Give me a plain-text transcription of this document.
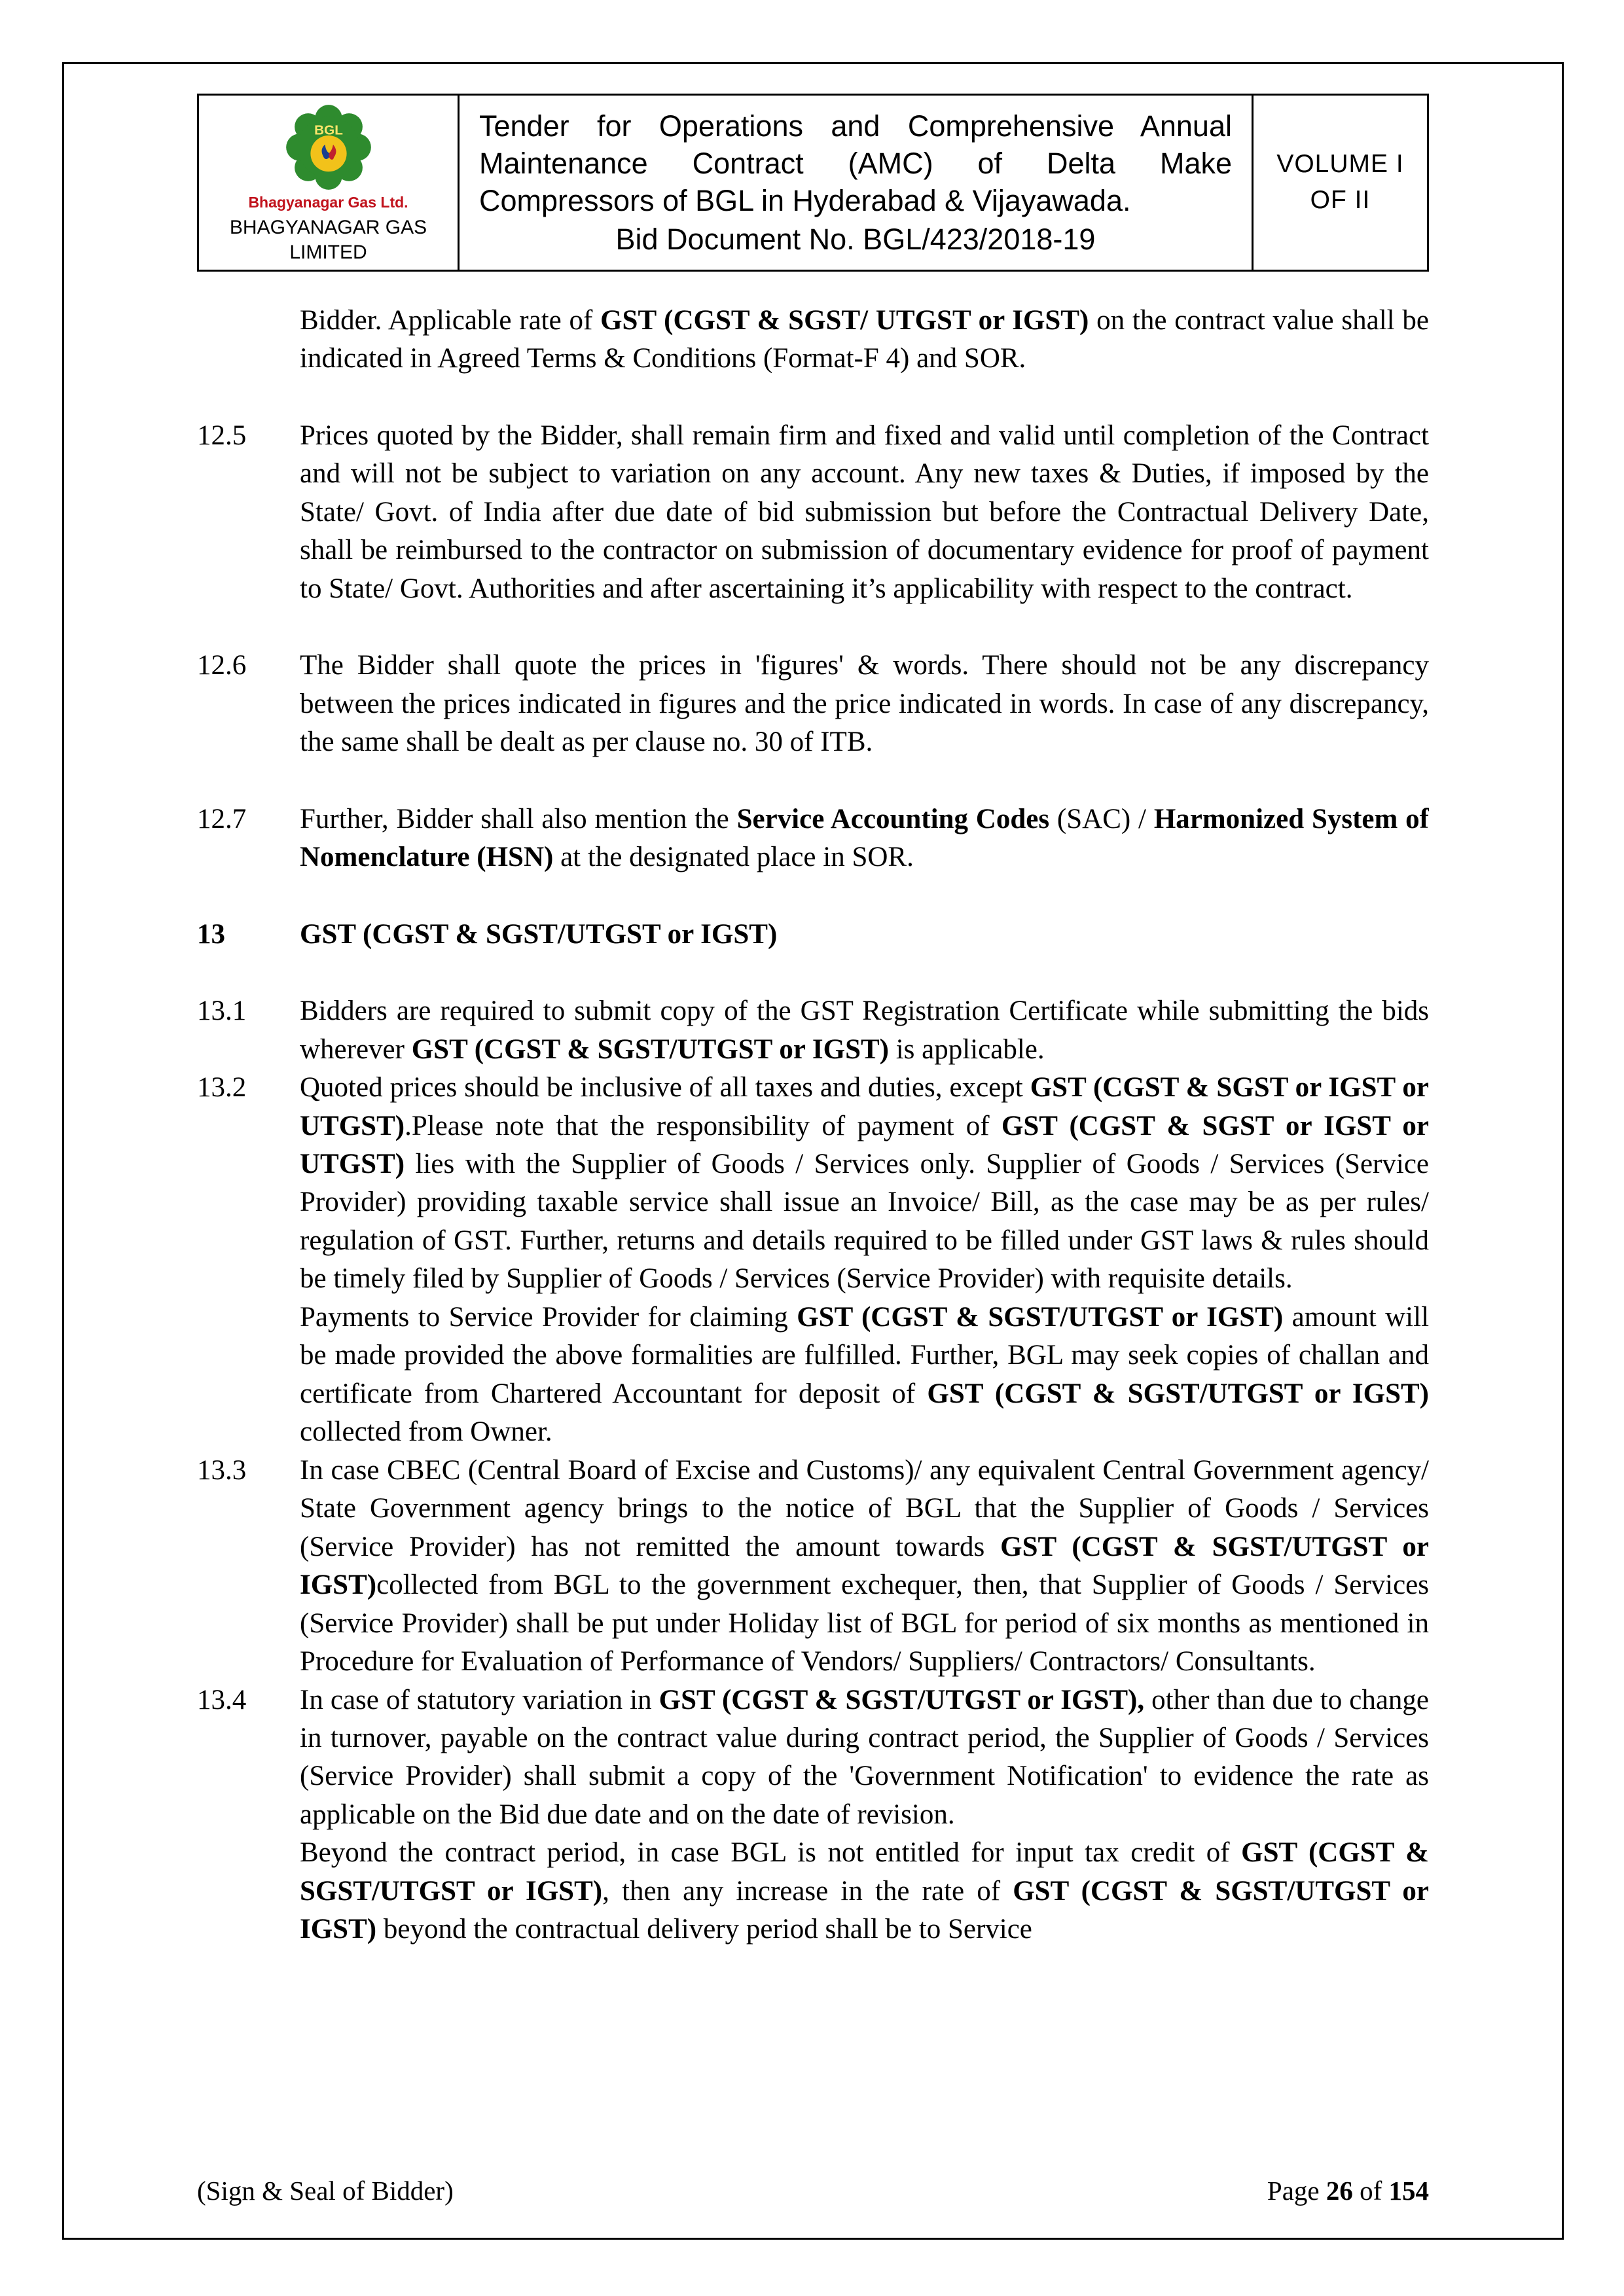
BGL
Bhagyanagar Gas Ltd.
BHAGYANAGAR GAS LIMITED

Tender for Operations and Comprehensive Annual Maintenance Contract (AMC) of Delta Make Compressors of BGL in Hyderabad & Vijayawada.
Bid Document No. BGL/423/2018-19

VOLUME I
OF II
Bidder. Applicable rate of GST (CGST & SGST/ UTGST or IGST) on the contract value shall be indicated in Agreed Terms & Conditions (Format-F 4) and SOR.
12.5	Prices quoted by the Bidder, shall remain firm and fixed and valid until completion of the Contract and will not be subject to variation on any account. Any new taxes & Duties, if imposed by the State/ Govt. of India after due date of bid submission but before the Contractual Delivery Date, shall be reimbursed to the contractor on submission of documentary evidence for proof of payment to State/ Govt. Authorities and after ascertaining it’s applicability with respect to the contract.
12.6	The Bidder shall quote the prices in 'figures' & words. There should not be any discrepancy between the prices indicated in figures and the price indicated in words. In case of any discrepancy, the same shall be dealt as per clause no. 30 of ITB.
12.7	Further, Bidder shall also mention the Service Accounting Codes (SAC) / Harmonized System of Nomenclature (HSN) at the designated place in SOR.
13	GST (CGST & SGST/UTGST or IGST)
13.1	Bidders are required to submit copy of the GST Registration Certificate while submitting the bids wherever GST (CGST & SGST/UTGST or IGST) is applicable.
13.2	Quoted prices should be inclusive of all taxes and duties, except GST (CGST & SGST or IGST or UTGST).Please note that the responsibility of payment of GST (CGST & SGST or IGST or UTGST) lies with the Supplier of Goods / Services only. Supplier of Goods / Services (Service Provider) providing taxable service shall issue an Invoice/ Bill, as the case may be as per rules/ regulation of GST. Further, returns and details required to be filled under GST laws & rules should be timely filed by Supplier of Goods / Services (Service Provider) with requisite details.
Payments to Service Provider for claiming GST (CGST & SGST/UTGST or IGST) amount will be made provided the above formalities are fulfilled. Further, BGL may seek copies of challan and certificate from Chartered Accountant for deposit of GST (CGST & SGST/UTGST or IGST) collected from Owner.
13.3	In case CBEC (Central Board of Excise and Customs)/ any equivalent Central Government agency/ State Government agency brings to the notice of BGL that the Supplier of Goods / Services (Service Provider) has not remitted the amount towards GST (CGST & SGST/UTGST or IGST)collected from BGL to the government exchequer, then, that Supplier of Goods / Services (Service Provider) shall be put under Holiday list of BGL for period of six months as mentioned in Procedure for Evaluation of Performance of Vendors/ Suppliers/ Contractors/ Consultants.
13.4	In case of statutory variation in GST (CGST & SGST/UTGST or IGST), other than due to change in turnover, payable on the contract value during contract period, the Supplier of Goods / Services (Service Provider) shall submit a copy of the 'Government Notification' to evidence the rate as applicable on the Bid due date and on the date of revision.
Beyond the contract period, in case BGL is not entitled for input tax credit of GST (CGST & SGST/UTGST or IGST), then any increase in the rate of GST (CGST & SGST/UTGST or IGST) beyond the contractual delivery period shall be to Service
(Sign & Seal of Bidder)	Page 26 of 154
